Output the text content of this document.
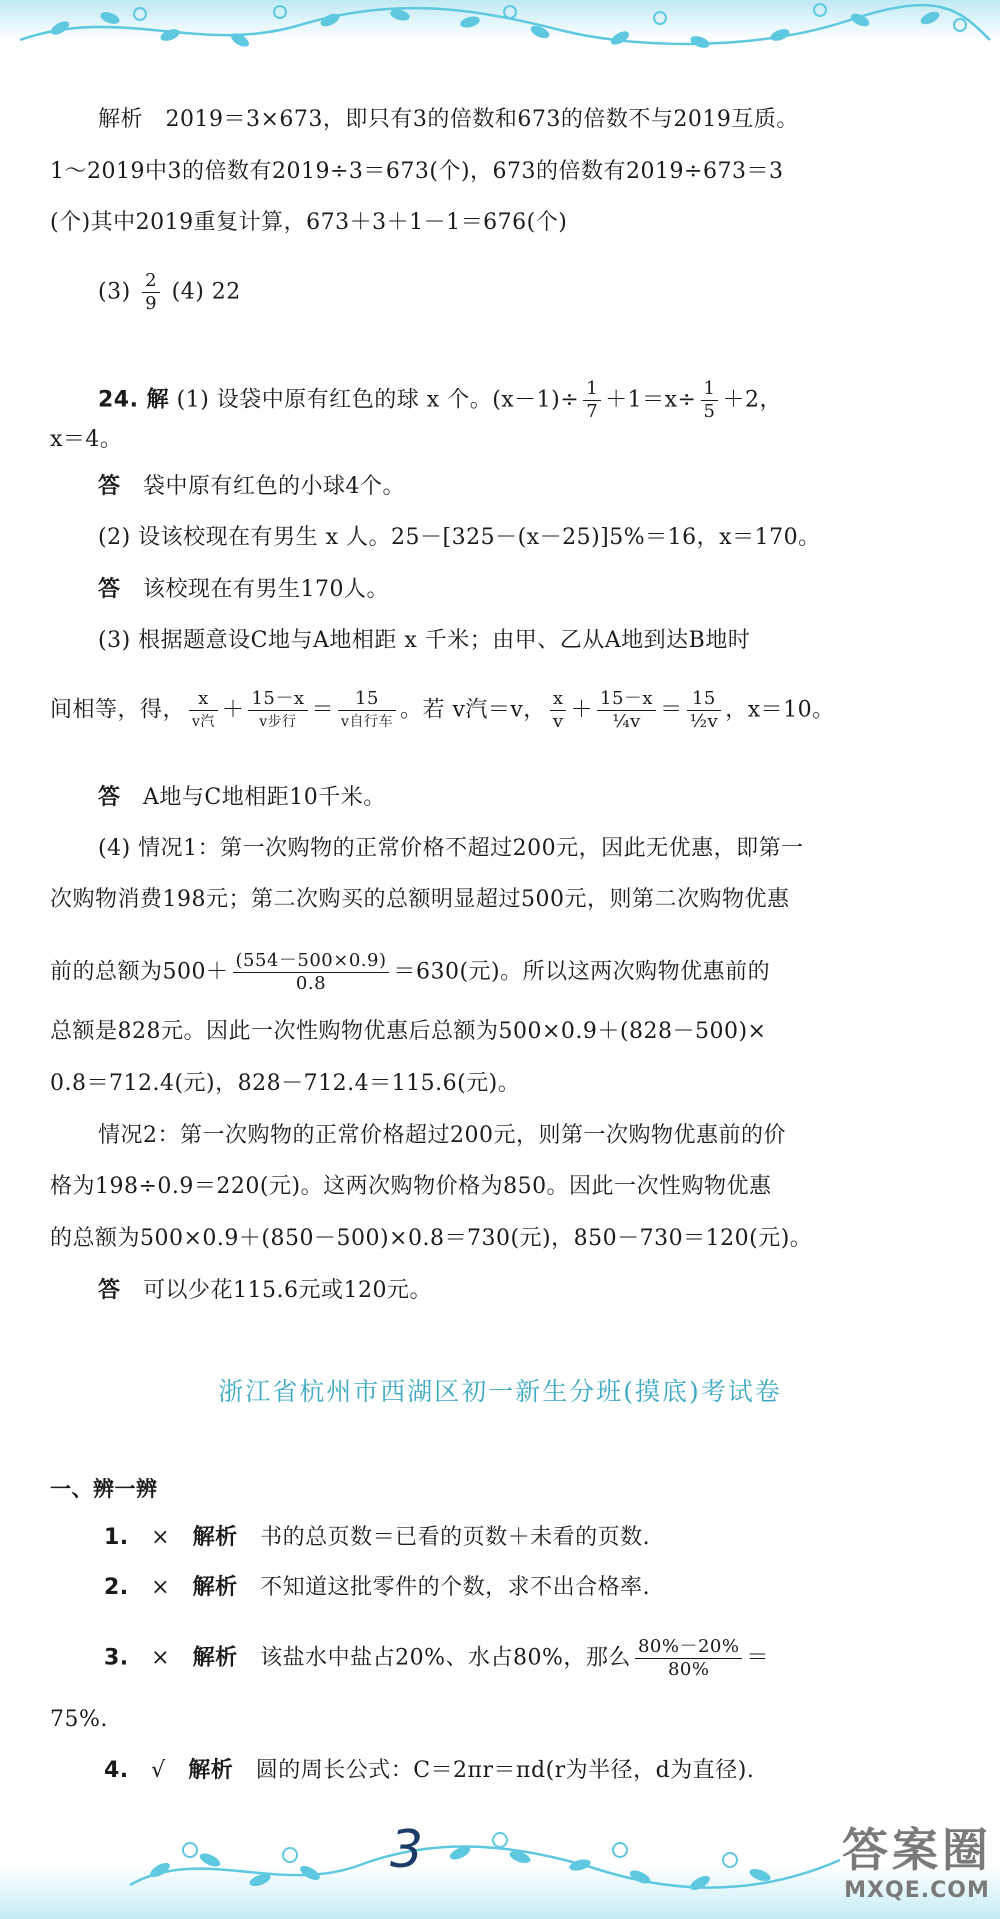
解析　2019＝3×673，即只有3的倍数和673的倍数不与2019互质。
1～2019中3的倍数有2019÷3＝673(个)，673的倍数有2019÷673＝3
(个)其中2019重复计算，673＋3＋1－1＝676(个)
$(3) \frac{2}{9} (4)$ 22
24. 解 (1) 设袋中原有红色的球 x 个。$(x-1)\div \frac{1}{7} +1=x\div \frac{1}{5} +2$，
x＝4。
答  袋中原有红色的小球4个。
(2) 设该校现在有男生 x 人。25－[325－(x－25)]5%＝16，x＝170。
答  该校现在有男生170人。
(3) 根据题意设C地与A地相距 x 千米；由甲、乙从A地到达B地时
间相等，得， $\frac{x}{\text{v汽}} + \frac{15-x}{\text{v步行}} = \frac{15}{\text{v自行车}}$ 。若 v汽＝v， $\frac{x}{v} + \frac{15-x}{\text{¼v}} = \frac{15}{\text{½v}}$ ，x＝10。
答  A地与C地相距10千米。
(4) 情况1：第一次购物的正常价格不超过200元，因此无优惠，即第一
次购物消费198元；第二次购买的总额明显超过500元，则第二次购物优惠
前的总额为$500+ \frac{(554-500\times 0.9)}{0.8} =630$(元)。所以这两次购物优惠前的
总额是828元。因此一次性购物优惠后总额为500×0.9＋(828－500)×
0.8＝712.4(元)，828－712.4＝115.6(元)。
情况2：第一次购物的正常价格超过200元，则第一次购物优惠前的价
格为198÷0.9＝220(元)。这两次购物价格为850。因此一次性购物优惠
的总额为500×0.9＋(850－500)×0.8＝730(元)，850－730＝120(元)。
答  可以少花115.6元或120元。
浙江省杭州市西湖区初一新生分班(摸底)考试卷
一、辨一辨
1.  ×  解析  书的总页数＝已看的页数＋未看的页数.
2.  ×  解析  不知道这批零件的个数，求不出合格率.
3.  ×  解析  该盐水中盐占20%、水占80%，那么 $\frac{80\%-20\%}{80\%}$ ＝
75%.
4.  √  解析  圆的周长公式：C＝2πr＝πd(r为半径，d为直径).
3	答案圈
MXQE.COM
